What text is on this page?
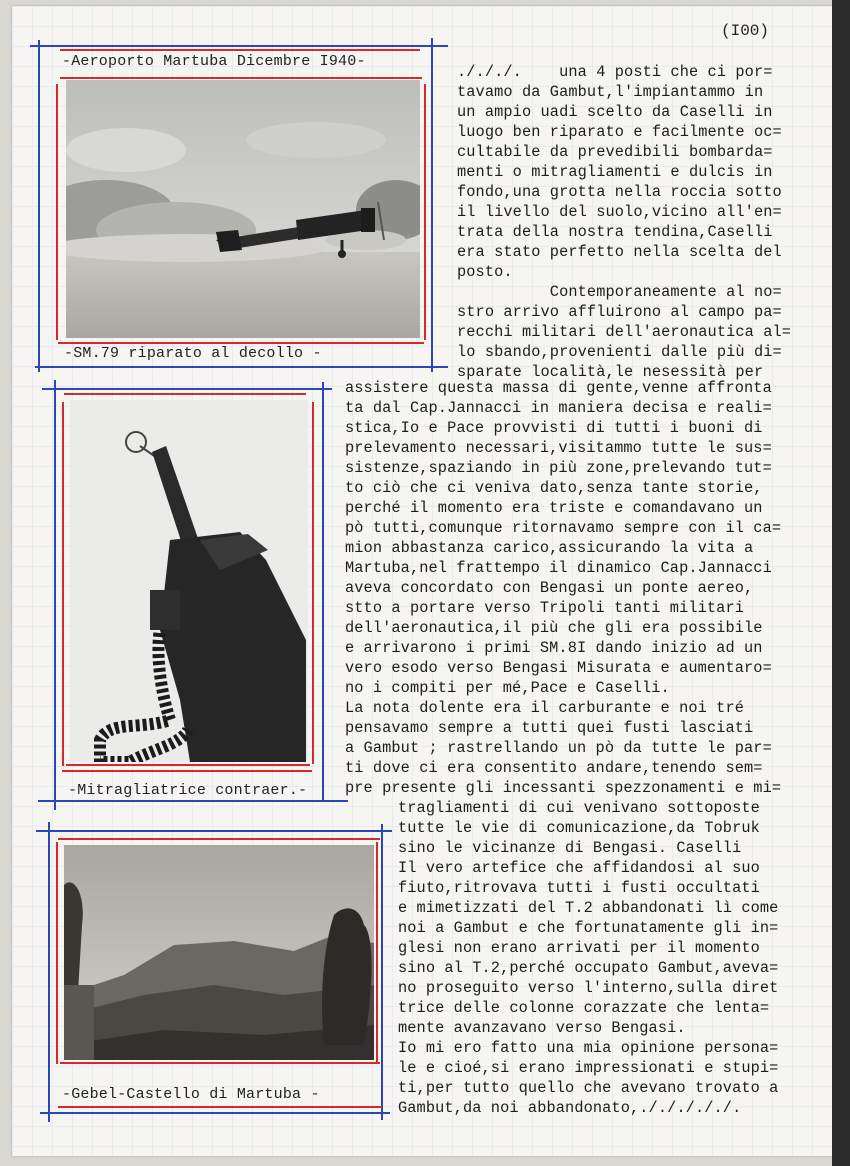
(I00)
-Aeroporto Martuba Dicembre I940-
-SM.79 riparato al decollo -
-Mitragliatrice contraer.-
-Gebel-Castello di Martuba -
./././.    una 4 posti che ci por=
tavamo da Gambut,l'impiantammo in
un ampio uadi scelto da Caselli in
luogo ben riparato e facilmente oc=
cultabile da prevedibili bombarda=
menti o mitragliamenti e dulcis in
fondo,una grotta nella roccia sotto
il livello del suolo,vicino all'en=
trata della nostra tendina,Caselli
era stato perfetto nella scelta del
posto.
Contemporaneamente al no=
stro arrivo affluirono al campo pa=
recchi militari dell'aeronautica al=
lo sbando,provenienti dalle più di=
sparate località,le nesessità per
assistere questa massa di gente,venne affronta
ta dal Cap.Jannacci in maniera decisa e reali=
stica,Io e Pace provvisti di tutti i buoni di
prelevamento necessari,visitammo tutte le sus=
sistenze,spaziando in più zone,prelevando tut=
to ciò che ci veniva dato,senza tante storie,
perché il momento era triste e comandavano un
pò tutti,comunque ritornavamo sempre con il ca=
mion abbastanza carico,assicurando la vita a
Martuba,nel frattempo il dinamico Cap.Jannacci
aveva concordato con Bengasi un ponte aereo,
stto a portare verso Tripoli tanti militari
dell'aeronautica,il più che gli era possibile
e arrivarono i primi SM.8I dando inizio ad un
vero esodo verso Bengasi Misurata e aumentaro=
no i compiti per mé,Pace e Caselli.
La nota dolente era il carburante e noi tré
pensavamo sempre a tutti quei fusti lasciati
a Gambut ; rastrellando un pò da tutte le par=
ti dove ci era consentito andare,tenendo sem=
pre presente gli incessanti spezzonamenti e mi=
tragliamenti di cui venivano sottoposte
tutte le vie di comunicazione,da Tobruk
sino le vicinanze di Bengasi. Caselli
Il vero artefice che affidandosi al suo
fiuto,ritrovava tutti i fusti occultati
e mimetizzati del T.2 abbandonati lì come
noi a Gambut e che fortunatamente gli in=
glesi non erano arrivati per il momento
sino al T.2,perché occupato Gambut,aveva=
no proseguito verso l'interno,sulla diret
trice delle colonne corazzate che lenta=
mente avanzavano verso Bengasi.
Io mi ero fatto una mia opinione persona=
le e cioé,si erano impressionati e stupi=
ti,per tutto quello che avevano trovato a
Gambut,da noi abbandonato,./././././.
